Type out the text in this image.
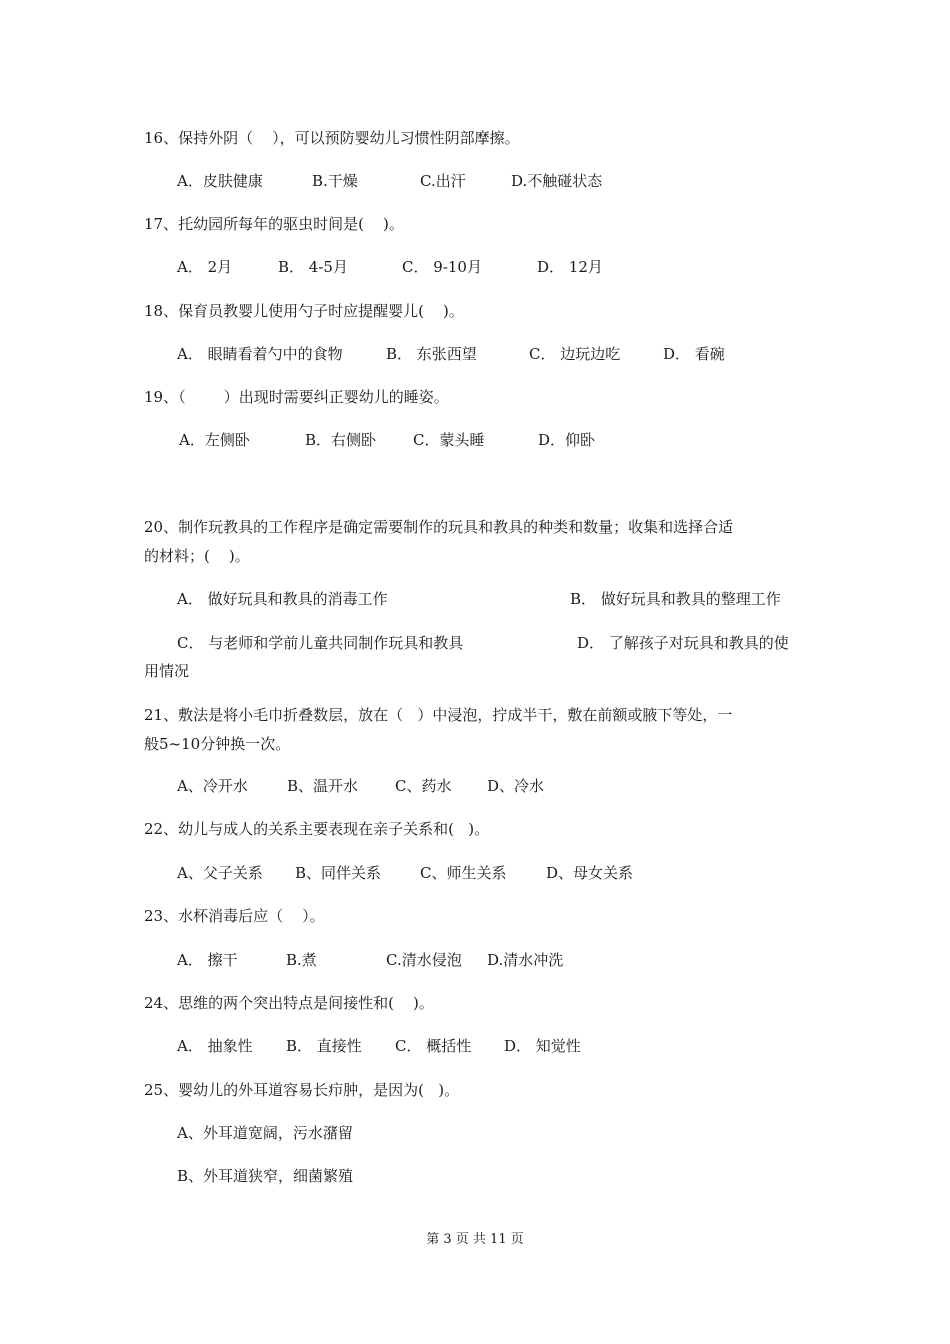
16、保持外阴（    ），可以预防婴幼儿习惯性阴部摩擦。
A．皮肤健康	B.干燥	C.出汗	D.不触碰状态
17、托幼园所每年的驱虫时间是(    )。
A． 2月	B． 4-5月	C． 9-10月	D． 12月
18、保育员教婴儿使用勺子时应提醒婴儿(    )。
A． 眼睛看着勺中的食物	B． 东张西望	C． 边玩边吃	D． 看碗
19、（        ）出现时需要纠正婴幼儿的睡姿。
A．左侧卧	B．右侧卧 C．蒙头睡	D．仰卧
20、制作玩教具的工作程序是确定需要制作的玩具和教具的种类和数量；收集和选择合适
的材料；(    )。
A． 做好玩具和教具的消毒工作	B． 做好玩具和教具的整理工作
C． 与老师和学前儿童共同制作玩具和教具	D． 了解孩子对玩具和教具的使
用情况
21、敷法是将小毛巾折叠数层，放在（   ）中浸泡，拧成半干，敷在前额或腋下等处，一
般5~10分钟换一次。
A、冷开水	B、温开水 C、药水 D、冷水
22、幼儿与成人的关系主要表现在亲子关系和(   )。
A、父子关系 B、同伴关系	C、师生关系	D、母女关系
23、水杯消毒后应（    ）。
A． 擦干	B.煮	C.清水侵泡 D.清水冲洗
24、思维的两个突出特点是间接性和(    )。
A． 抽象性 B． 直接性 C． 概括性 D． 知觉性
25、婴幼儿的外耳道容易长疖肿，是因为(   )。
A、外耳道宽阔，污水潴留
B、外耳道狭窄，细菌繁殖
第 3 页 共 11 页
